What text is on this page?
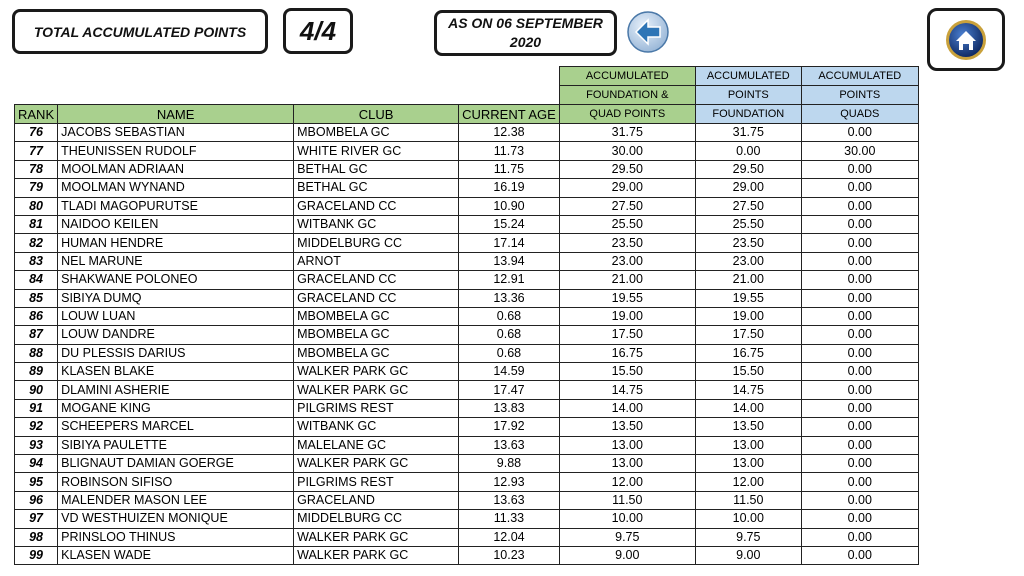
TOTAL ACCUMULATED POINTS	4/4	AS ON 06 SEPTEMBER
2020
				ACCUMULATED	ACCUMULATED	ACCUMULATED
				FOUNDATION &	POINTS	POINTS
RANK	NAME	CLUB	CURRENT AGE	QUAD POINTS	FOUNDATION	QUADS
76	JACOBS SEBASTIAN	MBOMBELA GC	12.38	31.75	31.75	0.00
77	THEUNISSEN RUDOLF	WHITE RIVER GC	11.73	30.00	0.00	30.00
78	MOOLMAN ADRIAAN	BETHAL GC	11.75	29.50	29.50	0.00
79	MOOLMAN WYNAND	BETHAL GC	16.19	29.00	29.00	0.00
80	TLADI MAGOPURUTSE	GRACELAND CC	10.90	27.50	27.50	0.00
81	NAIDOO KEILEN	WITBANK GC	15.24	25.50	25.50	0.00
82	HUMAN HENDRE	MIDDELBURG CC	17.14	23.50	23.50	0.00
83	NEL MARUNE	ARNOT	13.94	23.00	23.00	0.00
84	SHAKWANE POLONEO	GRACELAND CC	12.91	21.00	21.00	0.00
85	SIBIYA DUMQ	GRACELAND CC	13.36	19.55	19.55	0.00
86	LOUW LUAN	MBOMBELA GC	0.68	19.00	19.00	0.00
87	LOUW DANDRE	MBOMBELA GC	0.68	17.50	17.50	0.00
88	DU PLESSIS DARIUS	MBOMBELA GC	0.68	16.75	16.75	0.00
89	KLASEN BLAKE	WALKER PARK GC	14.59	15.50	15.50	0.00
90	DLAMINI ASHERIE	WALKER PARK GC	17.47	14.75	14.75	0.00
91	MOGANE KING	PILGRIMS REST	13.83	14.00	14.00	0.00
92	SCHEEPERS MARCEL	WITBANK GC	17.92	13.50	13.50	0.00
93	SIBIYA PAULETTE	MALELANE GC	13.63	13.00	13.00	0.00
94	BLIGNAUT DAMIAN GOERGE	WALKER PARK GC	9.88	13.00	13.00	0.00
95	ROBINSON SIFISO	PILGRIMS REST	12.93	12.00	12.00	0.00
96	MALENDER MASON LEE	GRACELAND	13.63	11.50	11.50	0.00
97	VD WESTHUIZEN MONIQUE	MIDDELBURG CC	11.33	10.00	10.00	0.00
98	PRINSLOO THINUS	WALKER PARK GC	12.04	9.75	9.75	0.00
99	KLASEN WADE	WALKER PARK GC	10.23	9.00	9.00	0.00
